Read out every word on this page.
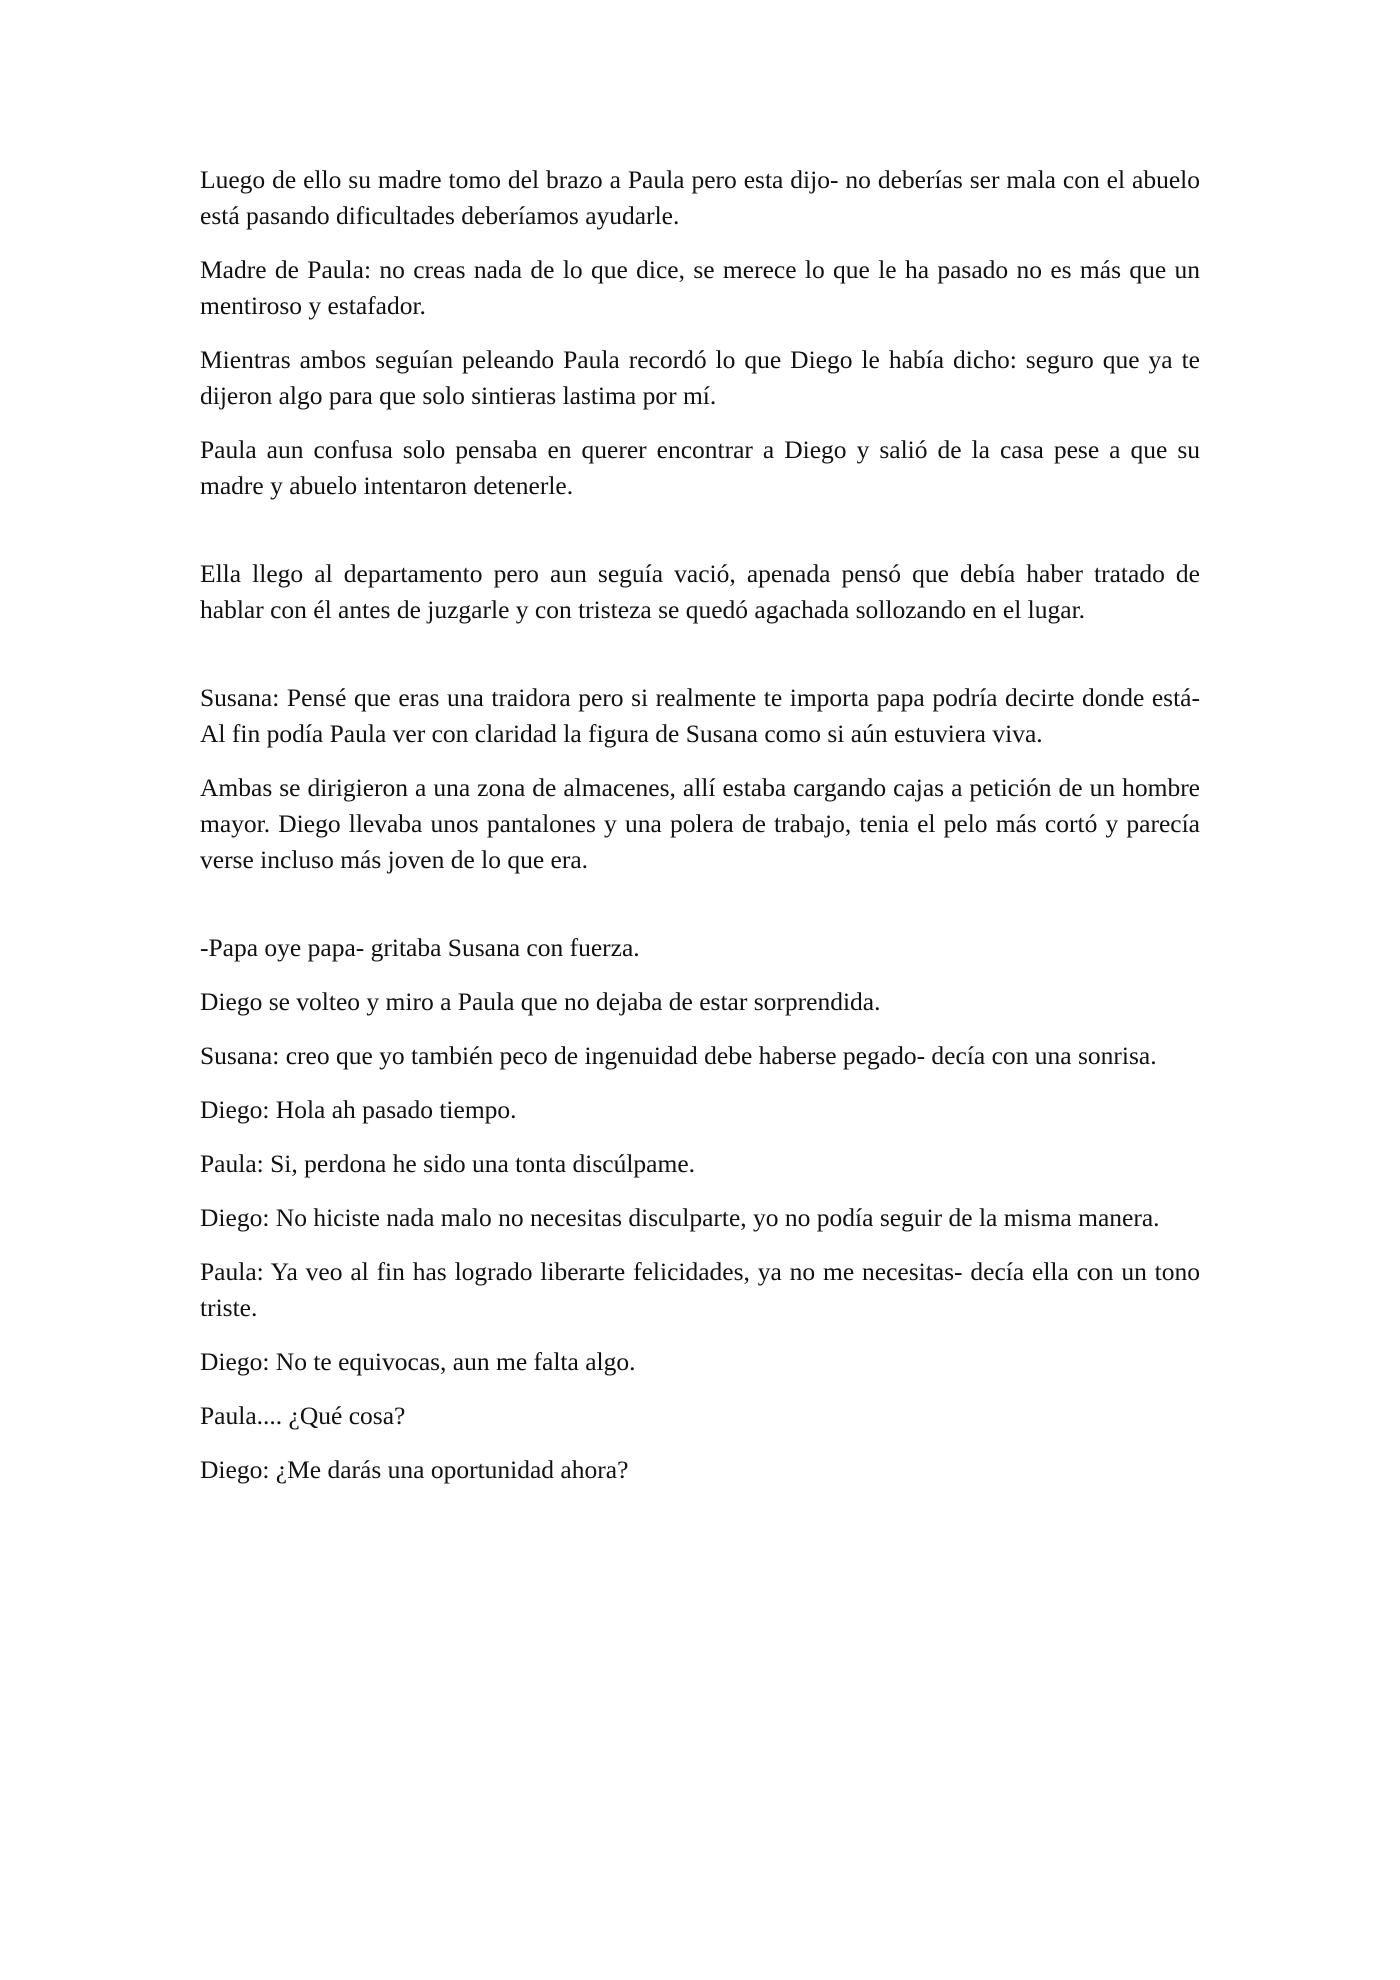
Luego de ello su madre tomo del brazo a Paula pero esta dijo- no deberías ser mala con el abuelo está pasando dificultades deberíamos ayudarle.

Madre de Paula: no creas nada de lo que dice, se merece lo que le ha pasado no es más que un mentiroso y estafador.

Mientras ambos seguían peleando Paula recordó lo que Diego le había dicho: seguro que ya te dijeron algo para que solo sintieras lastima por mí.

Paula aun confusa solo pensaba en querer encontrar a Diego y salió de la casa pese a que su madre y abuelo intentaron detenerle.

Ella llego al departamento pero aun seguía vació, apenada pensó que debía haber tratado de hablar con él antes de juzgarle y con tristeza se quedó agachada sollozando en el lugar.

Susana: Pensé que eras una traidora pero si realmente te importa papa podría decirte donde está- Al fin podía Paula ver con claridad la figura de Susana como si aún estuviera viva.

Ambas se dirigieron a una zona de almacenes, allí estaba cargando cajas a petición de un hombre mayor. Diego llevaba unos pantalones y una polera de trabajo, tenia el pelo más cortó y parecía verse incluso más joven de lo que era.

-Papa oye papa- gritaba Susana con fuerza.

Diego se volteo y miro a Paula que no dejaba de estar sorprendida.

Susana: creo que yo también peco de ingenuidad debe haberse pegado- decía con una sonrisa.

Diego: Hola ah pasado tiempo.

Paula: Si, perdona he sido una tonta discúlpame.

Diego: No hiciste nada malo no necesitas disculparte, yo no podía seguir de la misma manera.

Paula: Ya veo al fin has logrado liberarte felicidades, ya no me necesitas- decía ella con un tono triste.

Diego: No te equivocas, aun me falta algo.

Paula.... ¿Qué cosa?

Diego: ¿Me darás una oportunidad ahora?
